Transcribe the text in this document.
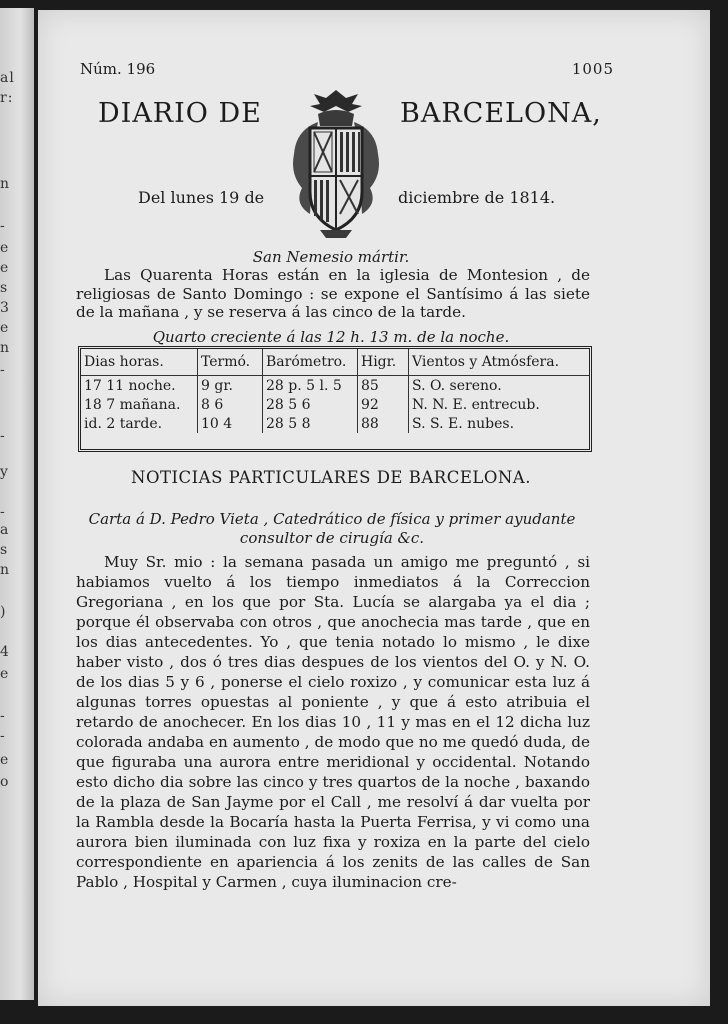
al
r:
n
-
e
e
s
3
e
n
-
-
y
-
a
s
n
)
4
e
-
-
e
o
Núm. 196	1005
DIARIO DE	BARCELONA,
Del lunes 19 de	diciembre de 1814.
San Nemesio mártir.

Las Quarenta Horas están en la iglesia de Montesion , de religiosas de Santo Domingo : se expone el Santísimo á las siete de la mañana , y se reserva á las cinco de la tarde.

Quarto creciente á las 12 h. 13 m. de la noche.
Dias horas.	Termó.	Barómetro.	Higr.	Vientos y Atmósfera.
17 11 noche.	9 gr.	28 p. 5 l. 5	85	S. O. sereno.
18 7 mañana.	8 6	28 5 6	92	N. N. E. entrecub.
id. 2 tarde.	10 4	28 5 8	88	S. S. E. nubes.
NOTICIAS PARTICULARES DE BARCELONA.
Carta á D. Pedro Vieta , Catedrático de física y primer ayudante consultor de cirugía &c.

Muy Sr. mio : la semana pasada un amigo me preguntó , si habiamos vuelto á los tiempo inmediatos á la Correccion Gregoriana , en los que por Sta. Lucía se alargaba ya el dia ; porque él observaba con otros , que anochecia mas tarde , que en los dias antecedentes. Yo , que tenia notado lo mismo , le dixe haber visto , dos ó tres dias despues de los vientos del O. y N. O. de los dias 5 y 6 , ponerse el cielo roxizo , y comunicar esta luz á algunas torres opuestas al poniente , y que á esto atribuia el retardo de anochecer. En los dias 10 , 11 y mas en el 12 dicha luz colorada andaba en aumento , de modo que no me quedó duda, de que figuraba una aurora entre meridional y occidental. Notando esto dicho dia sobre las cinco y tres quartos de la noche , baxando de la plaza de San Jayme por el Call , me resolví á dar vuelta por la Rambla desde la Bocaría hasta la Puerta Ferrisa, y vi como una aurora bien iluminada con luz fixa y roxiza en la parte del cielo correspondiente en apariencia á los zenits de las calles de San Pablo , Hospital y Carmen , cuya iluminacion cre-
